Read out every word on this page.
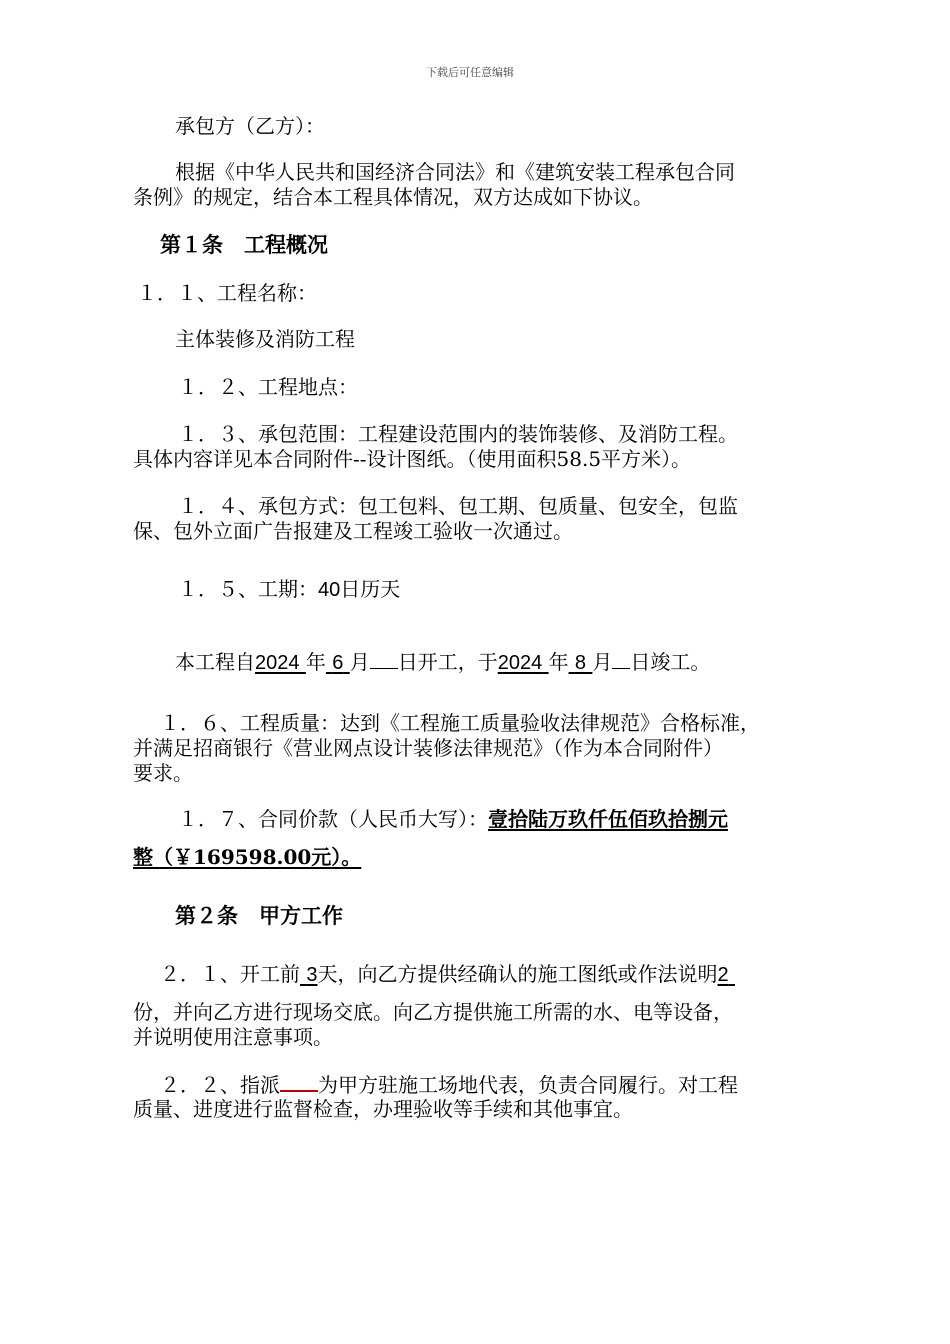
下载后可任意编辑
承包方（乙方）：
根据《中华人民共和国经济合同法》和《建筑安装工程承包合同
条例》的规定，结合本工程具体情况，双方达成如下协议。
第１条　工程概况
１．１、工程名称：
主体装修及消防工程
１．２、工程地点：
１．３、承包范围：工程建设范围内的装饰装修、及消防工程。
具体内容详见本合同附件--设计图纸。（使用面积58.5平方米）。
１．４、承包方式：包工包料、包工期、包质量、包安全，包监
保、包外立面广告报建及工程竣工验收一次通过。
１．５、工期：40日历天
本工程自2024 年 6 月 日开工，于2024 年 8 月 日竣工。
１．６、工程质量：达到《工程施工质量验收法律规范》合格标准，
并满足招商银行《营业网点设计装修法律规范》（作为本合同附件）
要求。
１．７、合同价款（人民币大写）：壹拾陆万玖仟伍佰玖拾捌元
整（￥169598.00元）。
第２条　甲方工作
２．１、开工前 3天，向乙方提供经确认的施工图纸或作法说明2
份，并向乙方进行现场交底。向乙方提供施工所需的水、电等设备，
并说明使用注意事项。
２．２、指派 为甲方驻施工场地代表，负责合同履行。对工程
质量、进度进行监督检查，办理验收等手续和其他事宜。
